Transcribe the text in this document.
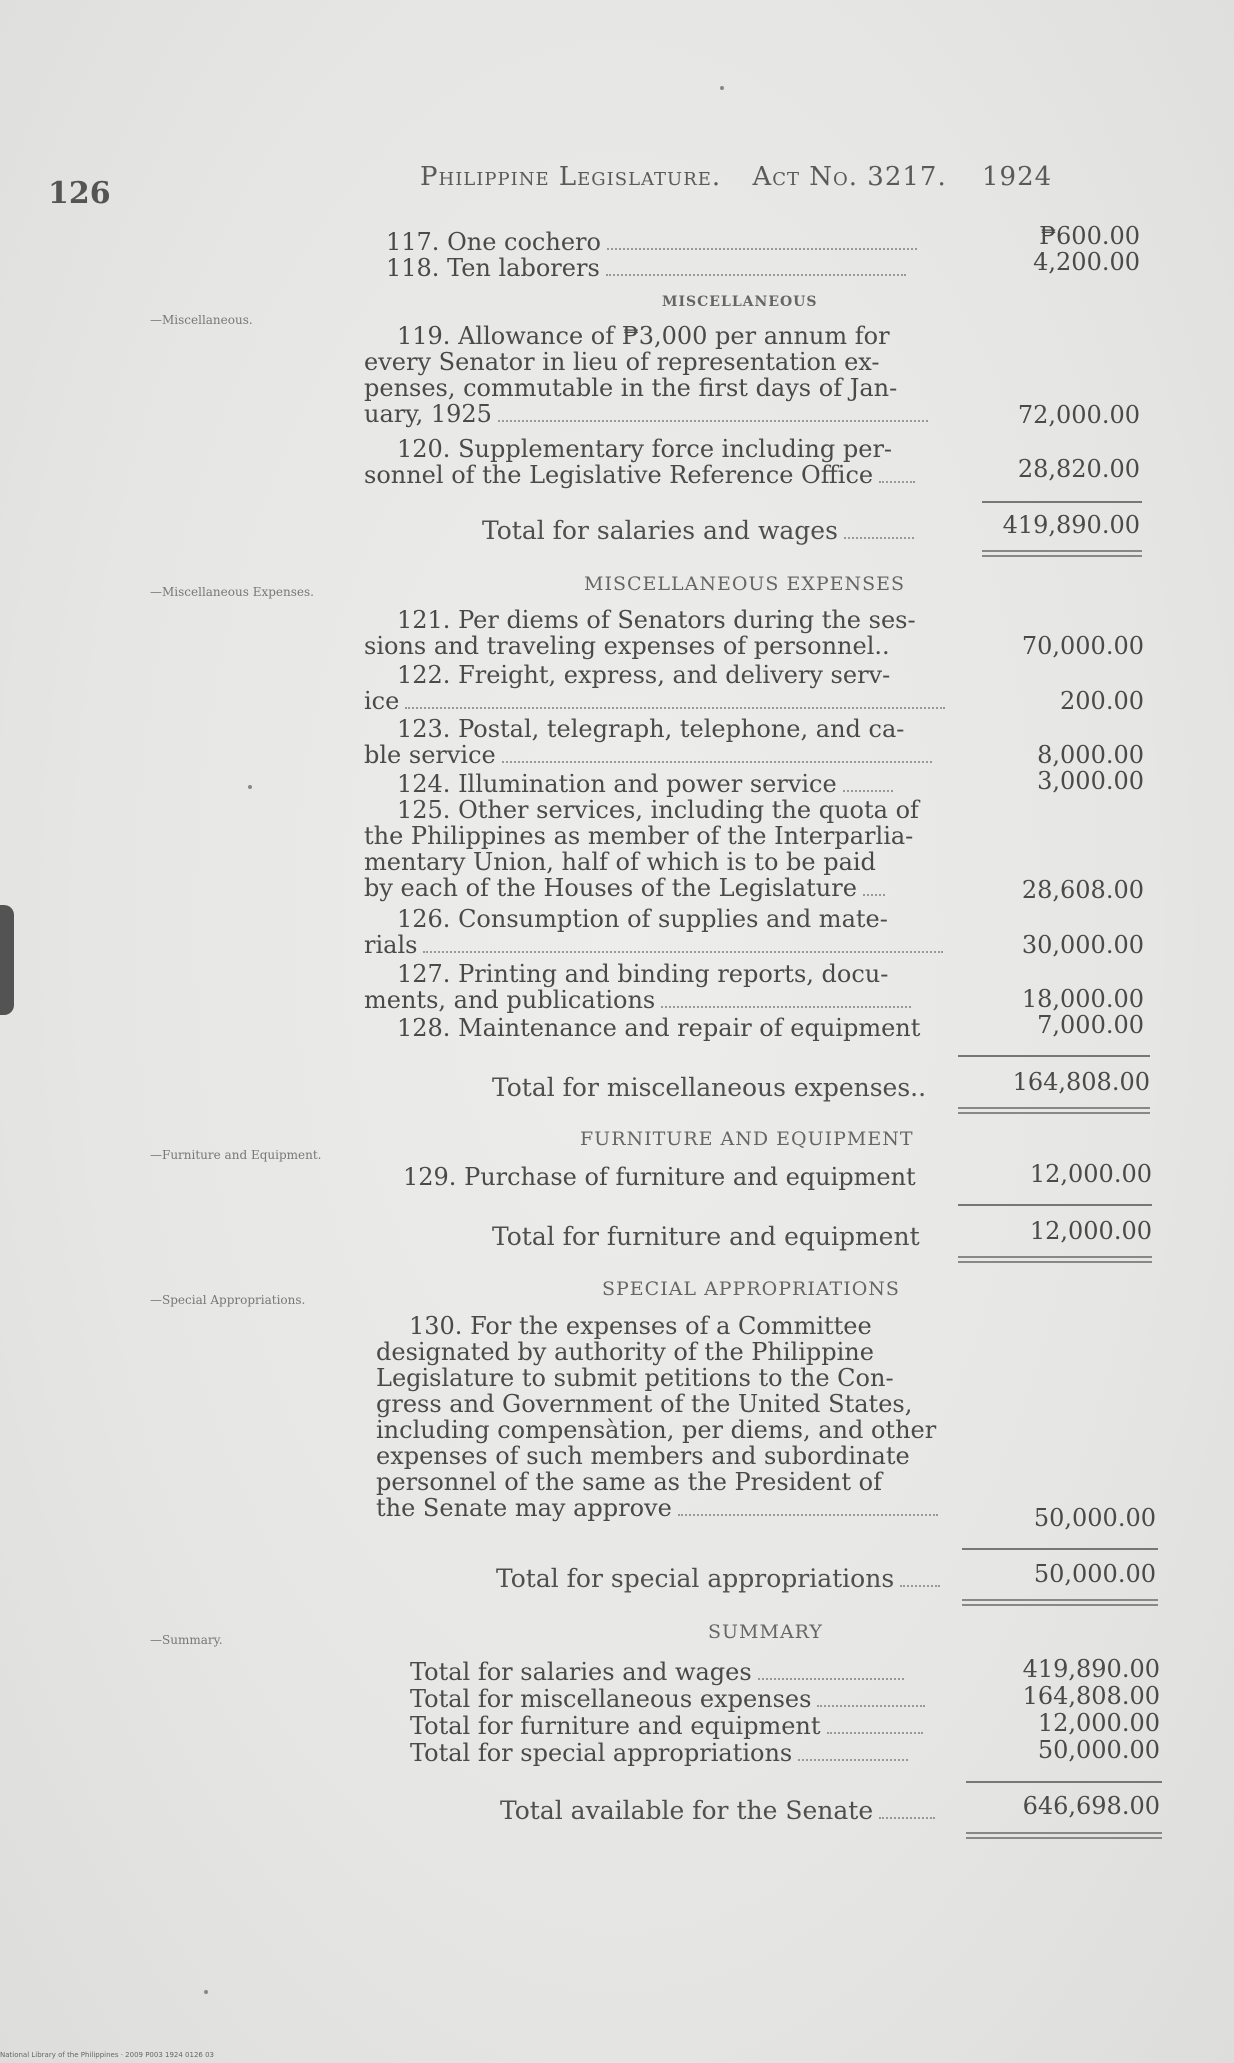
126	Philippine Legislature. Act No. 3217. 1924
117. One cochero	₱600.00
118. Ten laborers	4,200.00
—Miscellaneous.
MISCELLANEOUS
119. Allowance of ₱3,000 per annum for
every Senator in lieu of representation ex-
penses, commutable in the first days of Jan-
uary, 1925	72,000.00
120. Supplementary force including per-
sonnel of the Legislative Reference Office	28,820.00
Total for salaries and wages	419,890.00
—Miscellaneous Expenses.	MISCELLANEOUS EXPENSES
121. Per diems of Senators during the ses-
sions and traveling expenses of personnel..	70,000.00
122. Freight, express, and delivery serv-
ice	200.00
123. Postal, telegraph, telephone, and ca-
ble service	8,000.00
124. Illumination and power service	3,000.00
125. Other services, including the quota of
the Philippines as member of the Interparlia-
mentary Union, half of which is to be paid
by each of the Houses of the Legislature	28,608.00
126. Consumption of supplies and mate-
rials	30,000.00
127. Printing and binding reports, docu-
ments, and publications	18,000.00
128. Maintenance and repair of equipment	7,000.00
Total for miscellaneous expenses..	164,808.00
—Furniture and Equipment.
FURNITURE AND EQUIPMENT
129. Purchase of furniture and equipment	12,000.00
Total for furniture and equipment	12,000.00
—Special Appropriations.	SPECIAL APPROPRIATIONS
130. For the expenses of a Committee
designated by authority of the Philippine
Legislature to submit petitions to the Con-
gress and Government of the United States,
including compensàtion, per diems, and other
expenses of such members and subordinate
personnel of the same as the President of
the Senate may approve	50,000.00
Total for special appropriations	50,000.00
—Summary.	SUMMARY
Total for salaries and wages	419,890.00
Total for miscellaneous expenses	164,808.00
Total for furniture and equipment	12,000.00
Total for special appropriations	50,000.00
Total available for the Senate	646,698.00
National Library of the Philippines · 2009 P003 1924 0126 03
